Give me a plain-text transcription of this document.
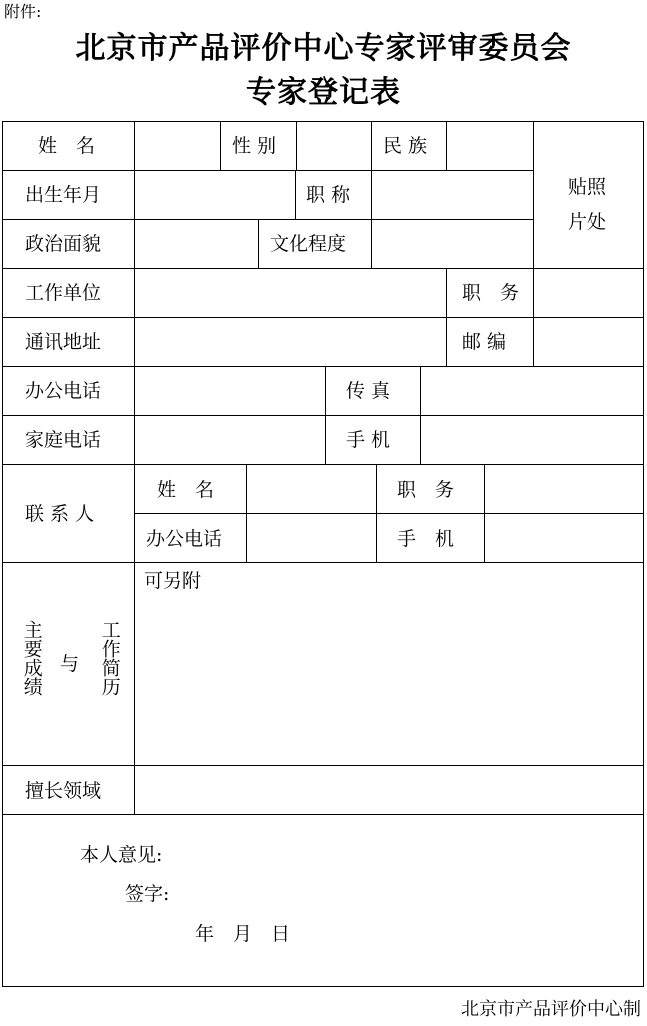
附件:
北京市产品评价中心专家评审委员会
专家登记表
姓　名	性 别	民 族
贴照
片处
出生年月	职 称
政治面貌	文化程度
工作单位	职　务
通讯地址	邮 编
办公电话	传 真
家庭电话	手 机
联 系 人
姓　名	职　务
办公电话	手　机
主要成绩 与 工作简历
可另附
擅长领域
本人意见:
签字:
年　月　日
北京市产品评价中心制
